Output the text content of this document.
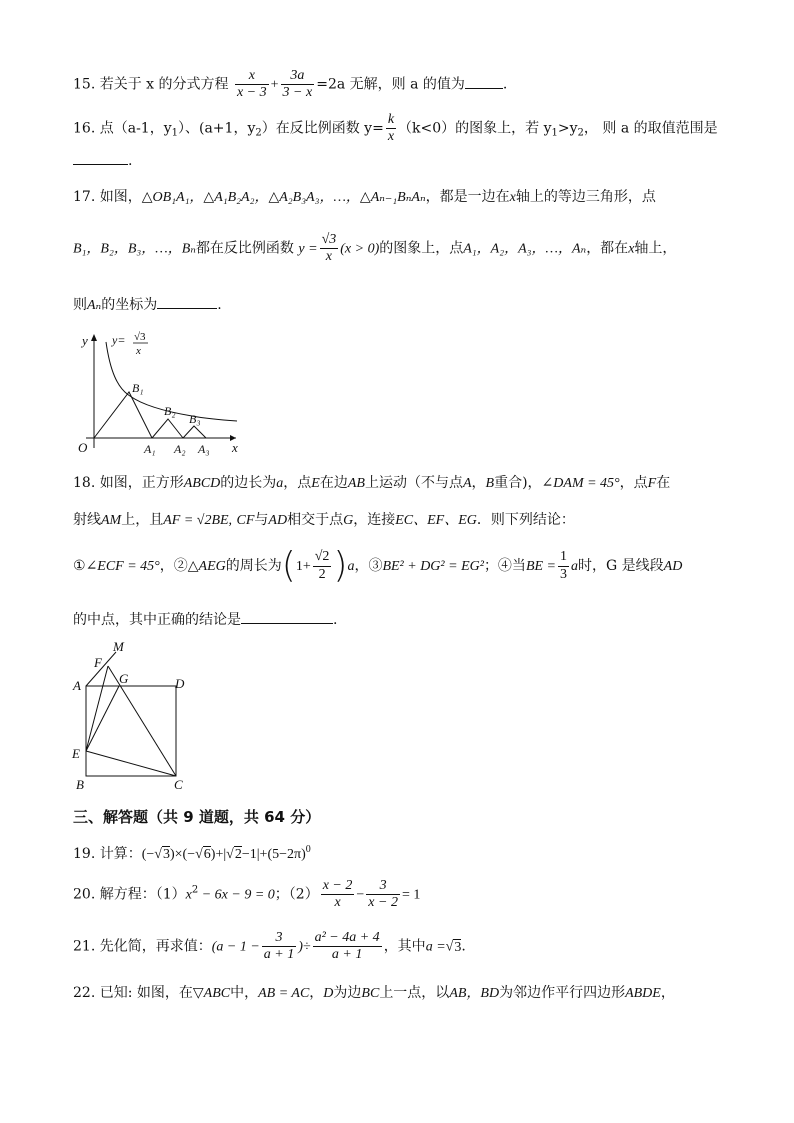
15. 若关于 x 的分式方程 $\frac{x}{x - 3} + \frac{3a}{3 - x} =2a$ 无解，则 a 的值为	.
16. 点（a-1，$y_1$）、(a+1，$y_2$）在反比例函数 $y= \frac{k}{x} (k<0)$的图象上，若 $y_1>y_2$， 则 a 的取值范围是
.
17. 如图，△OB₁A₁，△A₁B₂A₂，△A₂B₃A₃，…，△Aₙ₋₁BₙAₙ，都是一边在x轴上的等边三角形，点
B₁，B₂，B₃，…，Bₙ都在反比例函数 $y = \frac{√3}{x} (x > 0)$的图象上，点A₁，A₂，A₃，…，Aₙ，都在x轴上，
则Aₙ的坐标为	.
y
x
O
y= √3
x
B₁
B₂
B₃
A₁ A₂ A₃
18. 如图，正方形ABCD的边长为a，点E在边AB上运动（不与点A，B重合)，∠DAM = 45°，点F在
射线AM上，且AF = √2BE, CF与AD相交于点G，连接EC、EF、EG．则下列结论：
①∠ECF = 45°，②△AEG的周长为$(1+ \frac{√2}{2} )a$，③BE² + DG² = EG²；④当BE = $\frac{1}{3}$ a时，G 是线段AD
的中点，其中正确的结论是	.
A
B	C
D
E
F
G
M
三、解答题（共 9 道题，共 64 分）
19. 计算：$(-√3)\times(-√6)+|√2-1|+(5-2\pi)^0$
20. 解方程：$(1)x^2 - 6x - 9 = 0$；$(2) \frac{x - 2}{x} - \frac{3}{x - 2} = 1$
21. 先化简，再求值：($a - 1 - \frac{3}{a + 1}$ )÷ $\frac{\text{a² − 4a + 4}}{a + 1}$ ，其中a =√3.
22. 已知: 如图，在▽ABC中，AB = AC，D为边BC上一点，以AB，BD为邻边作平行四边形ABDE，
